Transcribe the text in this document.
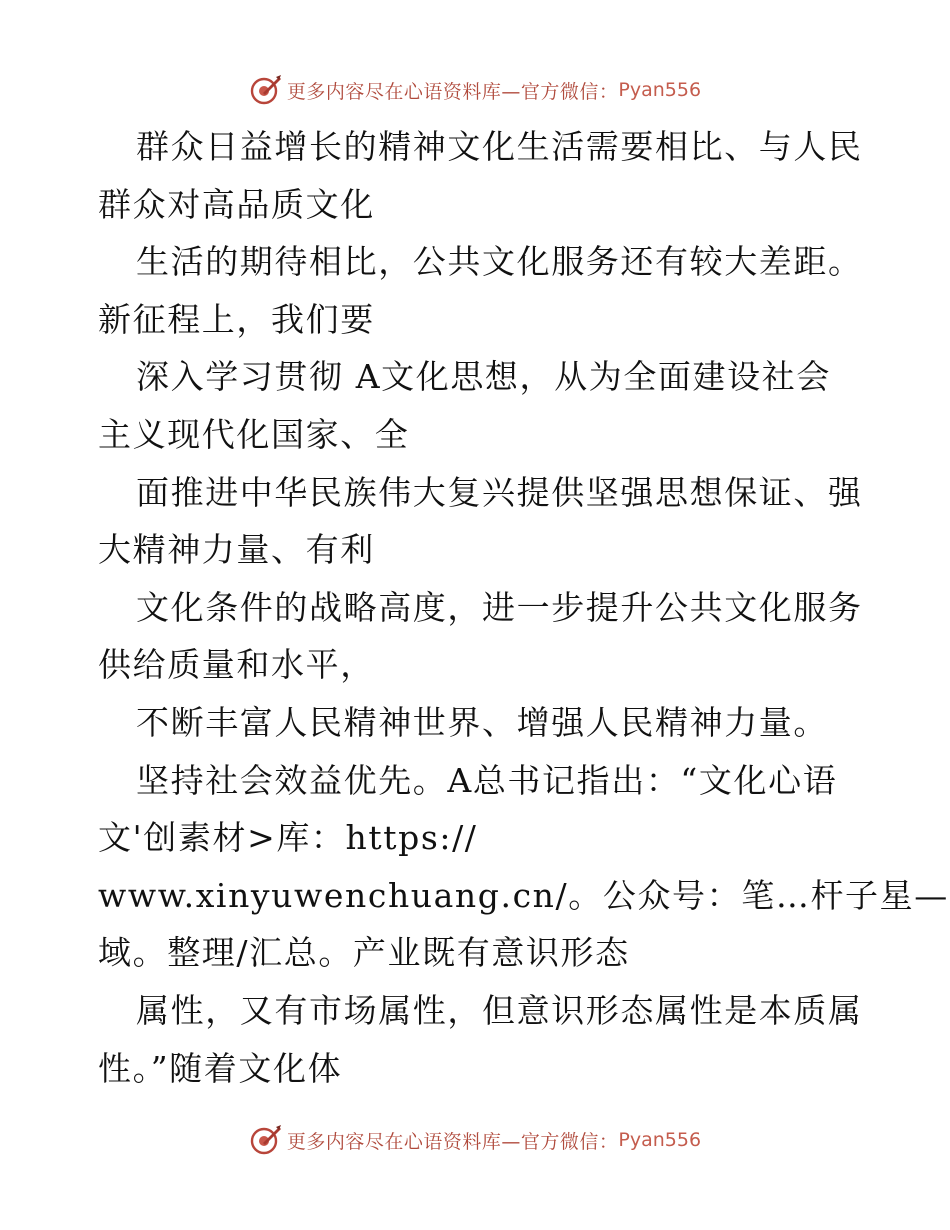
更多内容尽在心语资料库—官方微信： Pyan556
群众日益增长的精神文化生活需要相比、与人民
群众对高品质文化
生活的期待相比，公共文化服务还有较大差距。
新征程上，我们要
深入学习贯彻 A文化思想，从为全面建设社会
主义现代化国家、全
面推进中华民族伟大复兴提供坚强思想保证、强
大精神力量、有利
文化条件的战略高度，进一步提升公共文化服务
供给质量和水平，
不断丰富人民精神世界、增强人民精神力量。
坚持社会效益优先。A总书记指出：“文化心语
文'创素材>库：https://
www.xinyuwenchuang.cn/。公众号：笔…杆子星—
域。整理/汇总。产业既有意识形态
属性，又有市场属性，但意识形态属性是本质属
性。”随着文化体
更多内容尽在心语资料库—官方微信： Pyan556
